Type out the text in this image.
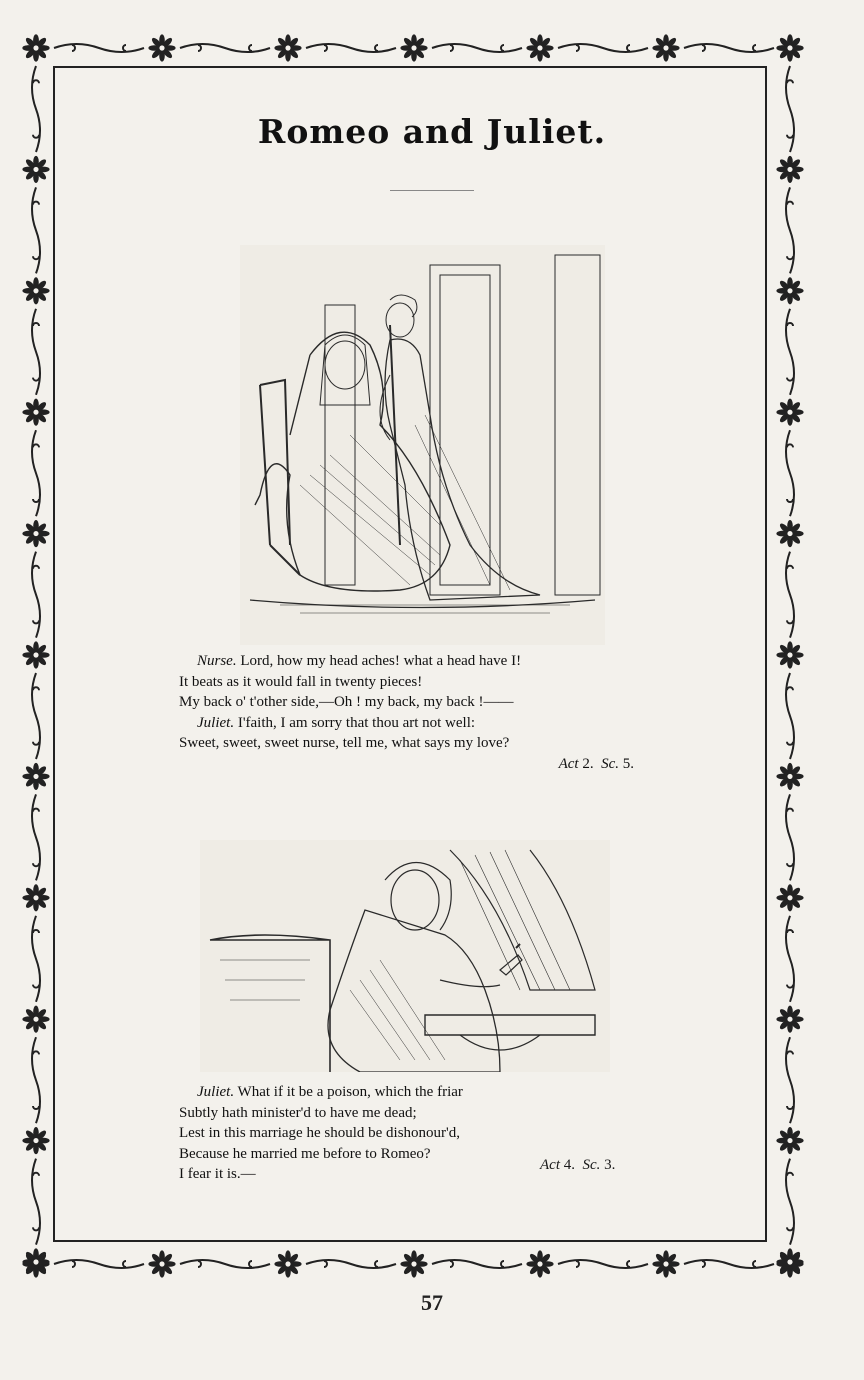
Romeo and Juliet.
Nurse. Lord, how my head aches! what a head have I!
It beats as it would fall in twenty pieces!
My back o' t'other side,—Oh ! my back, my back !——
Juliet. I'faith, I am sorry that thou art not well:
Sweet, sweet, sweet nurse, tell me, what says my love?
Act 2. Sc. 5.
Juliet. What if it be a poison, which the friar
Subtly hath minister'd to have me dead;
Lest in this marriage he should be dishonour'd,
Because he married me before to Romeo?
I fear it is.—
Act 4. Sc. 3.
57
